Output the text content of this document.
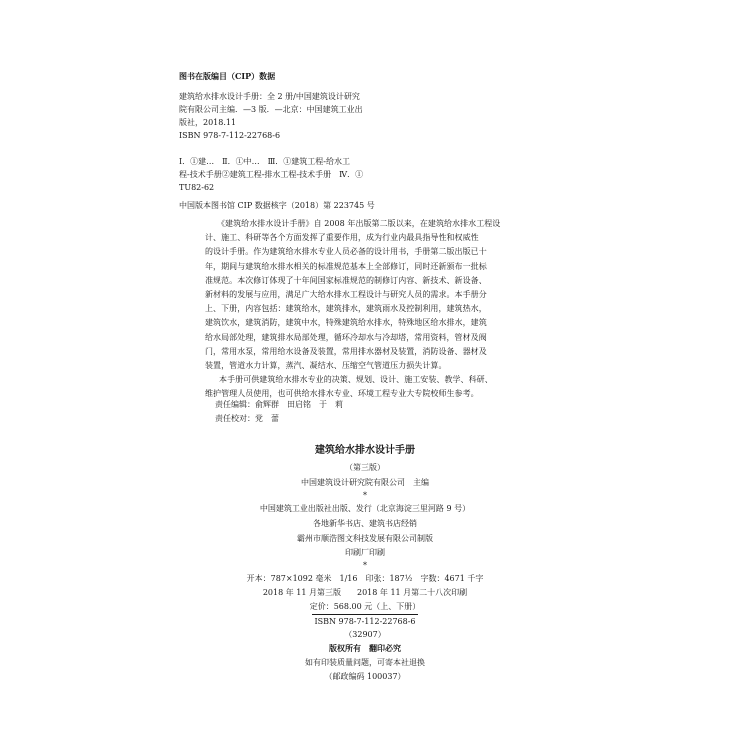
图书在版编目（CIP）数据
建筑给水排水设计手册：全 2 册/中国建筑设计研究
院有限公司主编．—3 版．—北京：中国建筑工业出
版社，2018.11
ISBN 978-7-112-22768-6
Ⅰ．①建…　Ⅱ．①中…　Ⅲ．①建筑工程-给水工
程-技术手册②建筑工程-排水工程-技术手册　Ⅳ．①
TU82-62
中国版本图书馆 CIP 数据核字（2018）第 223745 号
《建筑给水排水设计手册》自 2008 年出版第二版以来，在建筑给水排水工程设
计、施工、科研等各个方面发挥了重要作用，成为行业内最具指导性和权威性
的设计手册。作为建筑给水排水专业人员必备的设计用书，手册第二版出版已十
年，期间与建筑给水排水相关的标准规范基本上全部修订，同时还新颁布一批标
准规范。本次修订体现了十年间国家标准规范的制修订内容、新技术、新设备、
新材料的发展与应用，满足广大给水排水工程设计与研究人员的需求。本手册分
上、下册，内容包括：建筑给水，建筑排水，建筑雨水及控制利用，建筑热水，
建筑饮水，建筑消防，建筑中水，特殊建筑给水排水，特殊地区给水排水，建筑
给水局部处理，建筑排水局部处理，循环冷却水与冷却塔，常用资料，管材及阀
门，常用水泵，常用给水设备及装置，常用排水器材及装置，消防设备、器材及
装置，管道水力计算，蒸汽、凝结水、压缩空气管道压力损失计算。
　本手册可供建筑给水排水专业的决策、规划、设计、施工安装、教学、科研、
维护管理人员使用，也可供给水排水专业、环境工程专业大专院校师生参考。
责任编辑：俞辉群　田启铭　于　莉
责任校对：党　蕾
建筑给水排水设计手册
（第三版）
中国建筑设计研究院有限公司　主编
*
中国建筑工业出版社出版、发行（北京海淀三里河路 9 号）
各地新华书店、建筑书店经销
霸州市顺浩图文科技发展有限公司制版
印刷厂印刷
*
开本：787×1092 毫米　1/16　印张：187½　字数：4671 千字
2018 年 11 月第三版　　2018 年 11 月第二十八次印刷
定价：568.00 元（上、下册）
ISBN 978-7-112-22768-6
（32907）
版权所有　翻印必究
如有印装质量问题，可寄本社退换
（邮政编码 100037）
